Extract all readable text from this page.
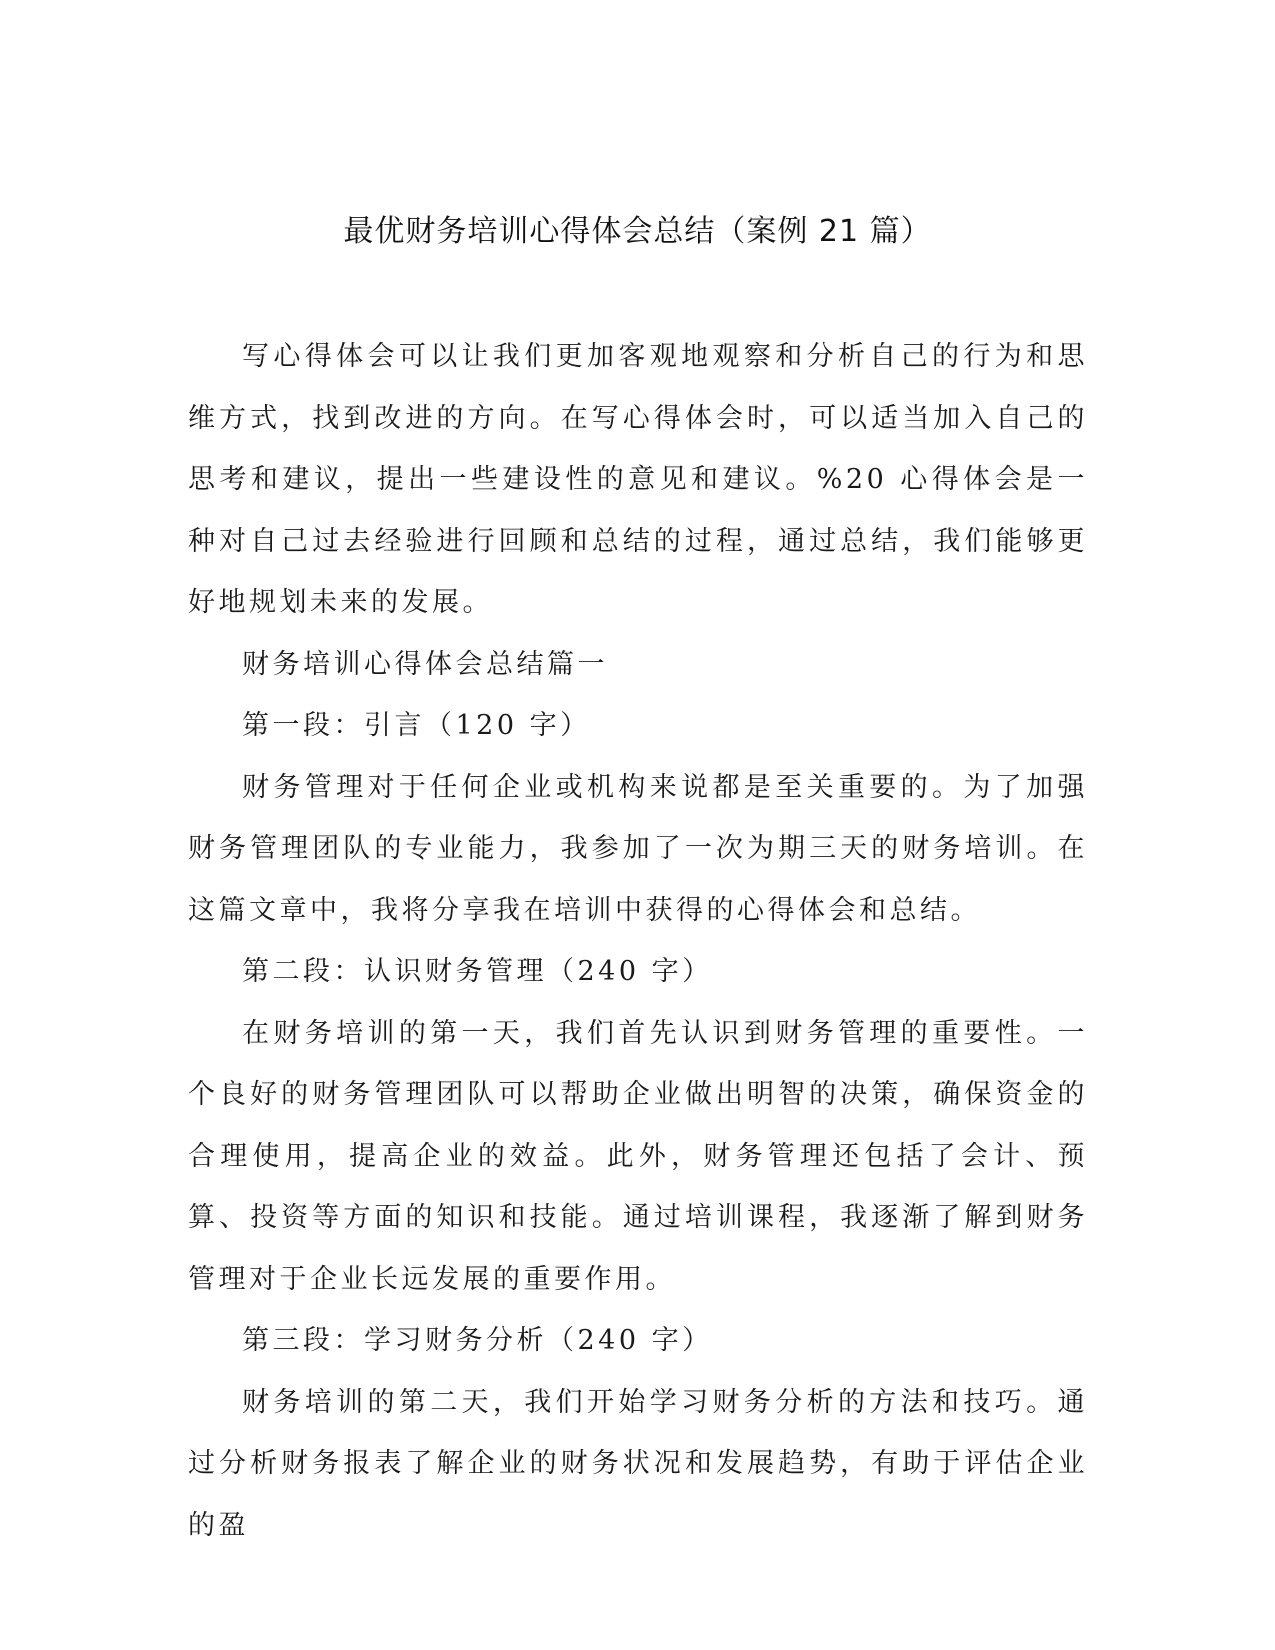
最优财务培训心得体会总结（案例 21 篇）

写心得体会可以让我们更加客观地观察和分析自己的行为和思维方式，找到改进的方向。在写心得体会时，可以适当加入自己的思考和建议，提出一些建设性的意见和建议。%20 心得体会是一种对自己过去经验进行回顾和总结的过程，通过总结，我们能够更好地规划未来的发展。

财务培训心得体会总结篇一

第一段：引言（120 字）

财务管理对于任何企业或机构来说都是至关重要的。为了加强财务管理团队的专业能力，我参加了一次为期三天的财务培训。在这篇文章中，我将分享我在培训中获得的心得体会和总结。

第二段：认识财务管理（240 字）

在财务培训的第一天，我们首先认识到财务管理的重要性。一个良好的财务管理团队可以帮助企业做出明智的决策，确保资金的合理使用，提高企业的效益。此外，财务管理还包括了会计、预算、投资等方面的知识和技能。通过培训课程，我逐渐了解到财务管理对于企业长远发展的重要作用。

第三段：学习财务分析（240 字）

财务培训的第二天，我们开始学习财务分析的方法和技巧。通过分析财务报表了解企业的财务状况和发展趋势，有助于评估企业的盈
